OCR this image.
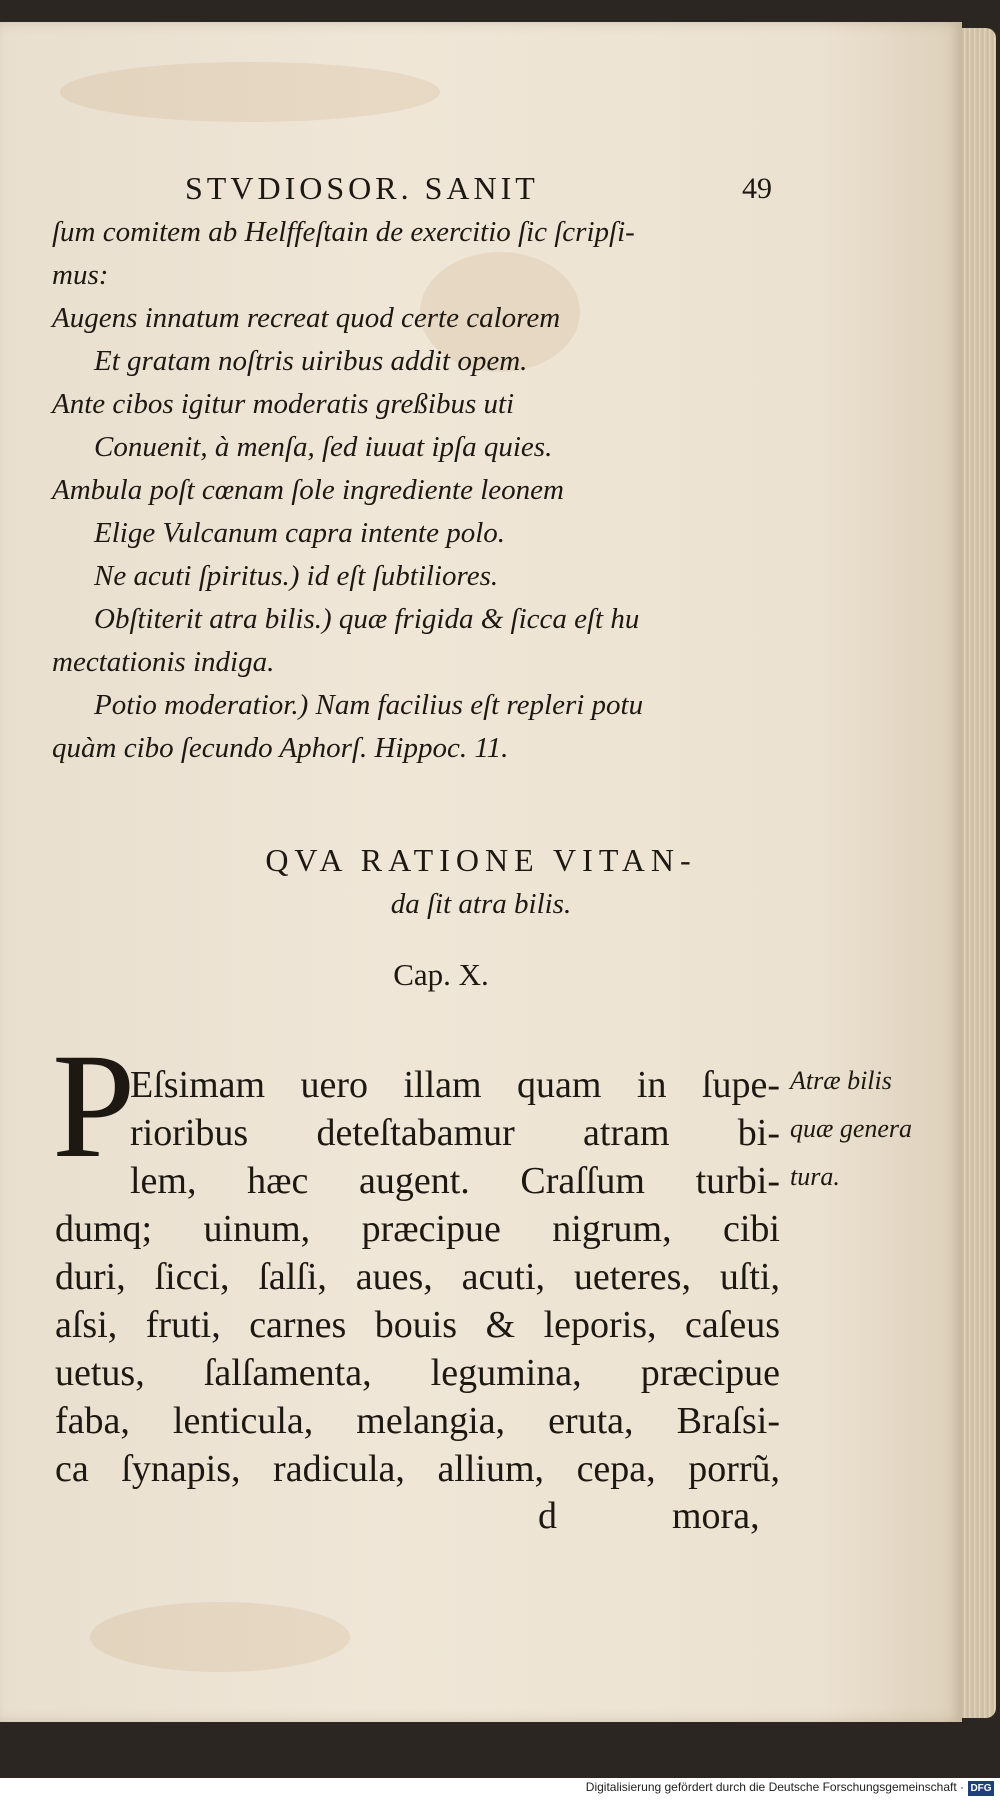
STVDIOSOR. SANIT	49
ſum comitem ab Helffeſtain de exercitio ſic ſcripſi-
mus:
Augens innatum recreat quod certe calorem
Et gratam noſtris uiribus addit opem.
Ante cibos igitur moderatis greßibus uti
Conuenit, à menſa, ſed iuuat ipſa quies.
Ambula poſt cœnam ſole ingrediente leonem
Elige Vulcanum capra intente polo.
Ne acuti ſpiritus.) id eſt ſubtiliores.
Obſtiterit atra bilis.) quæ frigida & ſicca eſt hu
mectationis indiga.
Potio moderatior.) Nam facilius eſt repleri potu
quàm cibo ſecundo Aphorſ. Hippoc. 11.
QVA RATIONE VITAN-
da ſit atra bilis.
Cap. X.
P
Eſsimam uero illam quam in ſupe-
rioribus deteſtabamur atram bi-
lem, hæc augent. Craſſum turbi-
dumq; uinum, præcipue nigrum, cibi
duri, ſicci, ſalſi, aues, acuti, ueteres, uſti,
aſsi, fruti, carnes bouis & leporis, caſeus
uetus, ſalſamenta, legumina, præcipue
faba, lenticula, melangia, eruta, Braſsi-
ca ſynapis, radicula, allium, cepa, porrũ,
d	mora,
Atræ bilis
quæ genera
tura.
Digitalisierung gefördert durch die Deutsche Forschungsgemeinschaft · DFG
